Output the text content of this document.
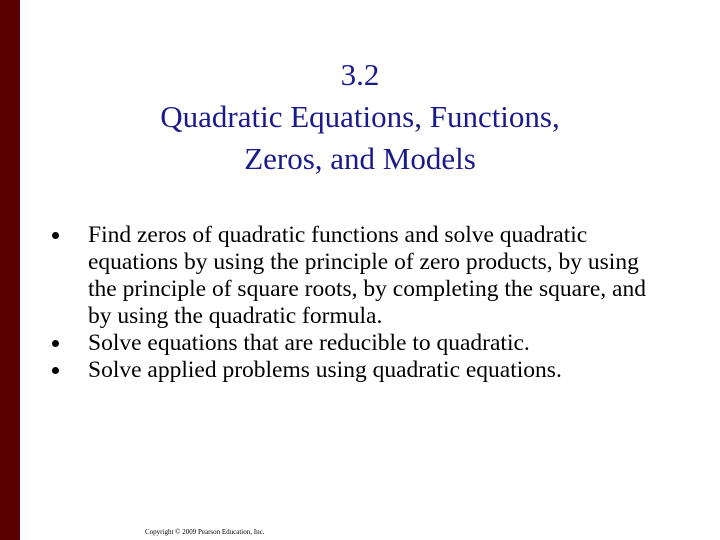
3.2
Quadratic Equations, Functions,
Zeros, and Models
Find zeros of quadratic functions and solve quadratic equations by using the principle of zero products, by using the principle of square roots, by completing the square, and by using the quadratic formula.
Solve equations that are reducible to quadratic.
Solve applied problems using quadratic equations.
Copyright © 2009 Pearson Education, Inc.
